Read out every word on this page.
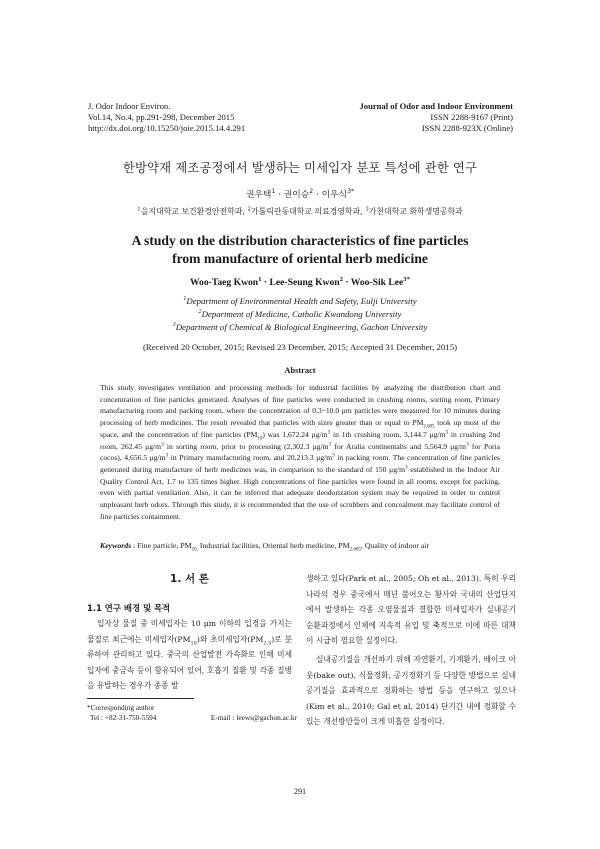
J. Odor Indoor Environ.
Vol.14, No.4, pp.291-298, December 2015
http://dx.doi.org/10.15250/joie.2015.14.4.291
Journal of Odor and Indoor Environment
ISSN 2288-9167 (Print)
ISSN 2288-923X (Online)
한방약재 제조공정에서 발생하는 미세입자 분포 특성에 관한 연구
권우택$^1$ · 권이승$^2$ · 이우식$^{3*}$
$^1$을지대학교 보건환경안전학과, $^2$가톨릭관동대학교 의료경영학과, $^3$가천대학교 화학생명공학과
A study on the distribution characteristics of fine particles
from manufacture of oriental herb medicine
Woo-Taeg Kwon$^1$ · Lee-Seung Kwon$^2$ · Woo-Sik Lee$^{3*}$
$^1$Department of Environmental Health and Safety, Eulji University
$^2$Department of Medicine, Catholic Kwandong University
$^3$Department of Chemical & Biological Engineering, Gachon University
(Received 20 October, 2015; Revised 23 December, 2015; Accepted 31 December, 2015)
Abstract
This study investigates ventilation and processing methods for industrial facilities by analyzing the distribution chart and concentration of fine particles generated. Analyses of fine particles were conducted in crushing rooms, sorting room, Primary manufacturing room and packing room, where the concentration of 0.3~10.0 μm particles were measured for 10 minutes during processing of herb medicines. The result revealed that particles with sizes greater than or equal to $PM_{2.685}$ took up most of the space, and the concentration of fine particles $(PM_{10})$ was 1,672.24 $\mu g/m^3$ in 1th crushing room, 3,144.7 $\mu g/m^3$ in crushing 2nd room, 262.45 $\mu g/m^3$ in sorting room, prior to processing (2,302.3 $\mu g/m^3$ for Aralia continentalis and 5,564.9 $\mu g/m^3$ for Poria cocos), 4,656.5 $\mu g/m^3$ in Primary manufacturing room, and 20,213.3 $\mu g/m^3$ in packing room. The concentration of fine particles generated during manufacture of herb medicines was, in comparison to the standard of 150 $\mu g/m^3$ established in the Indoor Air Quality Control Act, 1.7 to 135 times higher. High concentrations of fine particles were found in all rooms, except for packing, even with partial ventilation. Also, it can be inferred that adequate deodorization system may be required in order to control unpleasant herb odors. Through this study, it is recommended that the use of scrubbers and concealment may facilitate control of fine particles containment.
Keywords : Fine particle, $PM_{10,}$ Industrial facilities, Oriental herb medicine, $PM_{2.685}$, Quality of indoor air
1. 서 론
1.1 연구 배경 및 목적

입자상 물질 중 미세입자는 10 μm 이하의 입경을 가지는 물질로 최근에는 미세입자$(PM_{10})$와 초미세입자$(PM_{2.5})$로 분류하여 관리하고 있다. 중국의 산업발전 가속화로 인해 미세입자에 중금속 등이 함유되어 있어, 호흡기 질환 및 각종 질병을 유발하는 경우가 종종 발

생하고 있다(Park et al., 2005; Oh et al., 2013). 특히 우리나라의 경우 중국에서 매년 불어오는 황사와 국내의 산업단지에서 발생하는 각종 오염물질과 결합한 미세입자가 실내공기 순환과정에서 인체에 지속적 유입 및 축적으로 이에 따른 대책이 시급히 필요한 실정이다.

실내공기질을 개선하기 위해 자연환기, 기계환기, 베이크 아웃(bake out), 식물정화, 공기정화기 등 다양한 방법으로 실내공기질을 효과적으로 정화하는 방법 등을 연구하고 있으나(Kim et al., 2010; Gal et al, 2014) 단기간 내에 정화할 수 있는 개선방안들이 크게 미흡한 실정이다.

*Corresponding author
Tel : +82-31-750-5594	E-mail : leews@gachon.ac.kr
291
